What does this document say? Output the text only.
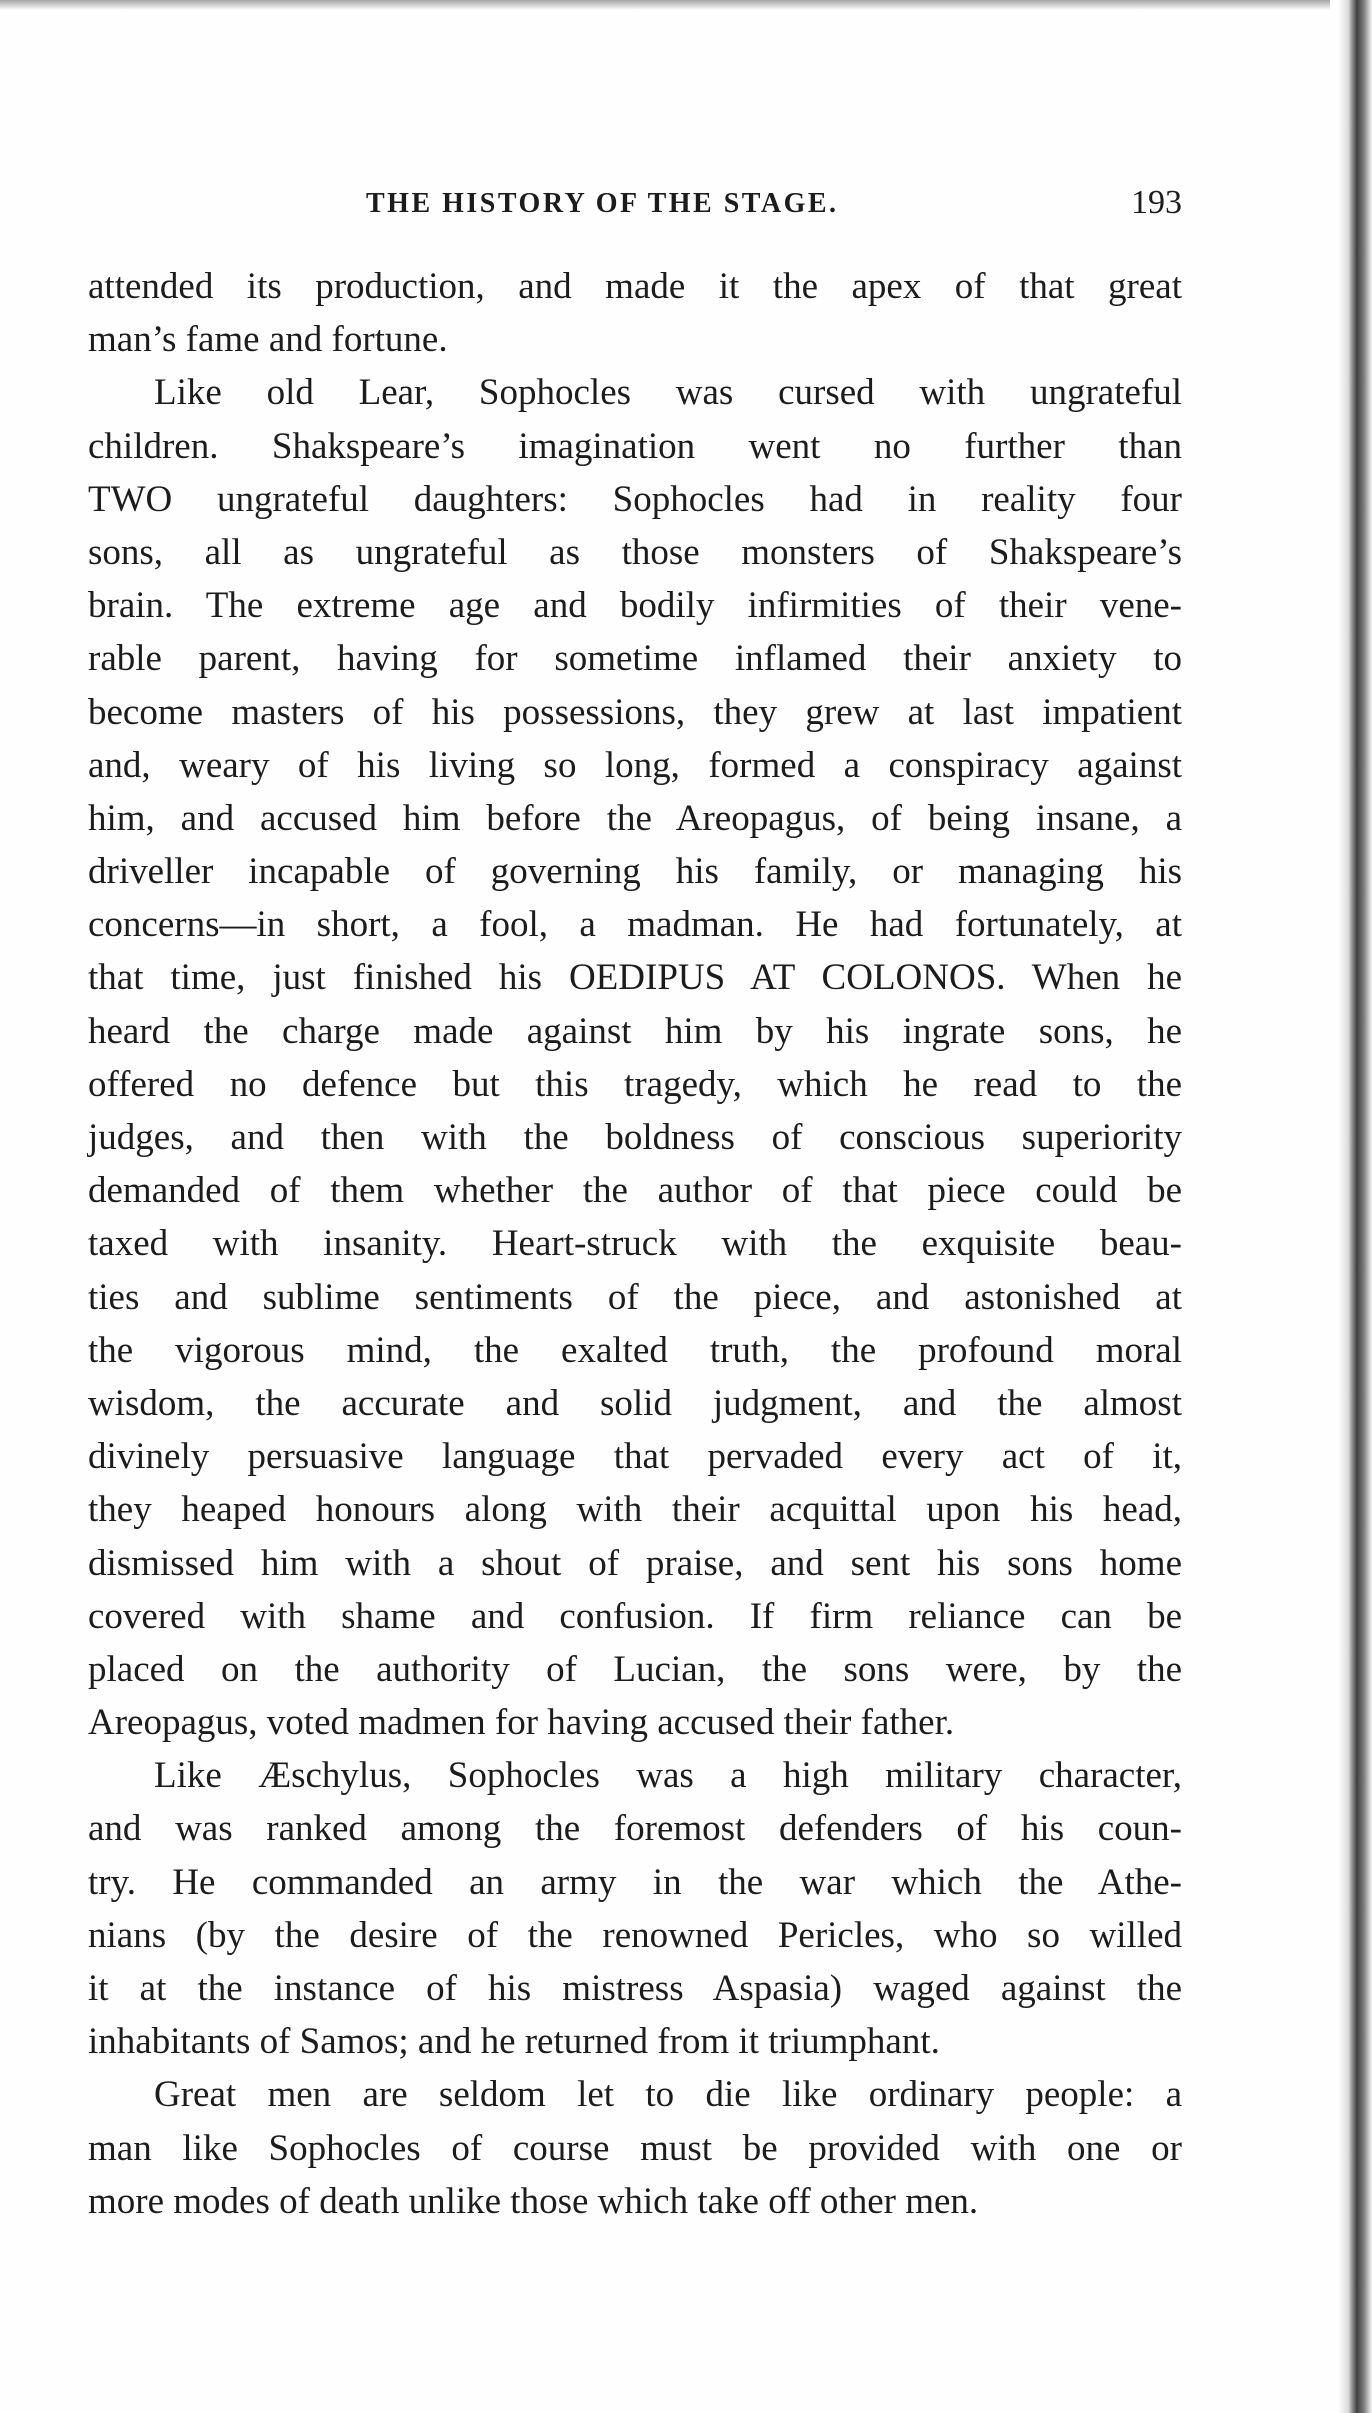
THE HISTORY OF THE STAGE.	193
attended its production, and made it the apex of that great
man’s fame and fortune.
Like old Lear, Sophocles was cursed with ungrateful
children. Shakspeare’s imagination went no further than
TWO ungrateful daughters: Sophocles had in reality four
sons, all as ungrateful as those monsters of Shakspeare’s
brain. The extreme age and bodily infirmities of their vene-
rable parent, having for sometime inflamed their anxiety to
become masters of his possessions, they grew at last impatient
and, weary of his living so long, formed a conspiracy against
him, and accused him before the Areopagus, of being insane, a
driveller incapable of governing his family, or managing his
concerns—in short, a fool, a madman. He had fortunately, at
that time, just finished his OEDIPUS AT COLONOS. When he
heard the charge made against him by his ingrate sons, he
offered no defence but this tragedy, which he read to the
judges, and then with the boldness of conscious superiority
demanded of them whether the author of that piece could be
taxed with insanity. Heart-struck with the exquisite beau-
ties and sublime sentiments of the piece, and astonished at
the vigorous mind, the exalted truth, the profound moral
wisdom, the accurate and solid judgment, and the almost
divinely persuasive language that pervaded every act of it,
they heaped honours along with their acquittal upon his head,
dismissed him with a shout of praise, and sent his sons home
covered with shame and confusion. If firm reliance can be
placed on the authority of Lucian, the sons were, by the
Areopagus, voted madmen for having accused their father.
Like Æschylus, Sophocles was a high military character,
and was ranked among the foremost defenders of his coun-
try. He commanded an army in the war which the Athe-
nians (by the desire of the renowned Pericles, who so willed
it at the instance of his mistress Aspasia) waged against the
inhabitants of Samos; and he returned from it triumphant.
Great men are seldom let to die like ordinary people: a
man like Sophocles of course must be provided with one or
more modes of death unlike those which take off other men.
